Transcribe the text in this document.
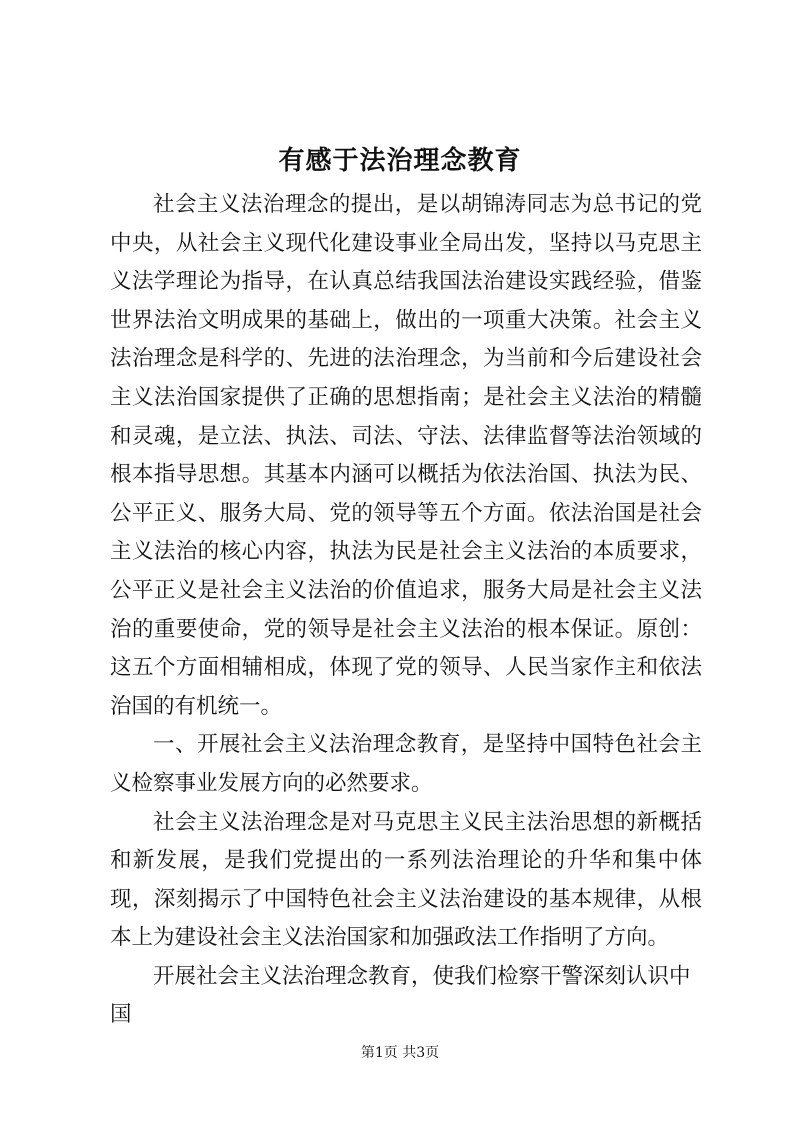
有感于法治理念教育

社会主义法治理念的提出，是以胡锦涛同志为总书记的党中央，从社会主义现代化建设事业全局出发，坚持以马克思主义法学理论为指导，在认真总结我国法治建设实践经验，借鉴世界法治文明成果的基础上，做出的一项重大决策。社会主义法治理念是科学的、先进的法治理念，为当前和今后建设社会主义法治国家提供了正确的思想指南；是社会主义法治的精髓和灵魂，是立法、执法、司法、守法、法律监督等法治领域的根本指导思想。其基本内涵可以概括为依法治国、执法为民、公平正义、服务大局、党的领导等五个方面。依法治国是社会主义法治的核心内容，执法为民是社会主义法治的本质要求，公平正义是社会主义法治的价值追求，服务大局是社会主义法治的重要使命，党的领导是社会主义法治的根本保证。原创：这五个方面相辅相成，体现了党的领导、人民当家作主和依法治国的有机统一。

一、开展社会主义法治理念教育，是坚持中国特色社会主义检察事业发展方向的必然要求。

社会主义法治理念是对马克思主义民主法治思想的新概括和新发展，是我们党提出的一系列法治理论的升华和集中体现，深刻揭示了中国特色社会主义法治建设的基本规律，从根本上为建设社会主义法治国家和加强政法工作指明了方向。

开展社会主义法治理念教育，使我们检察干警深刻认识中国

第1页 共3页
